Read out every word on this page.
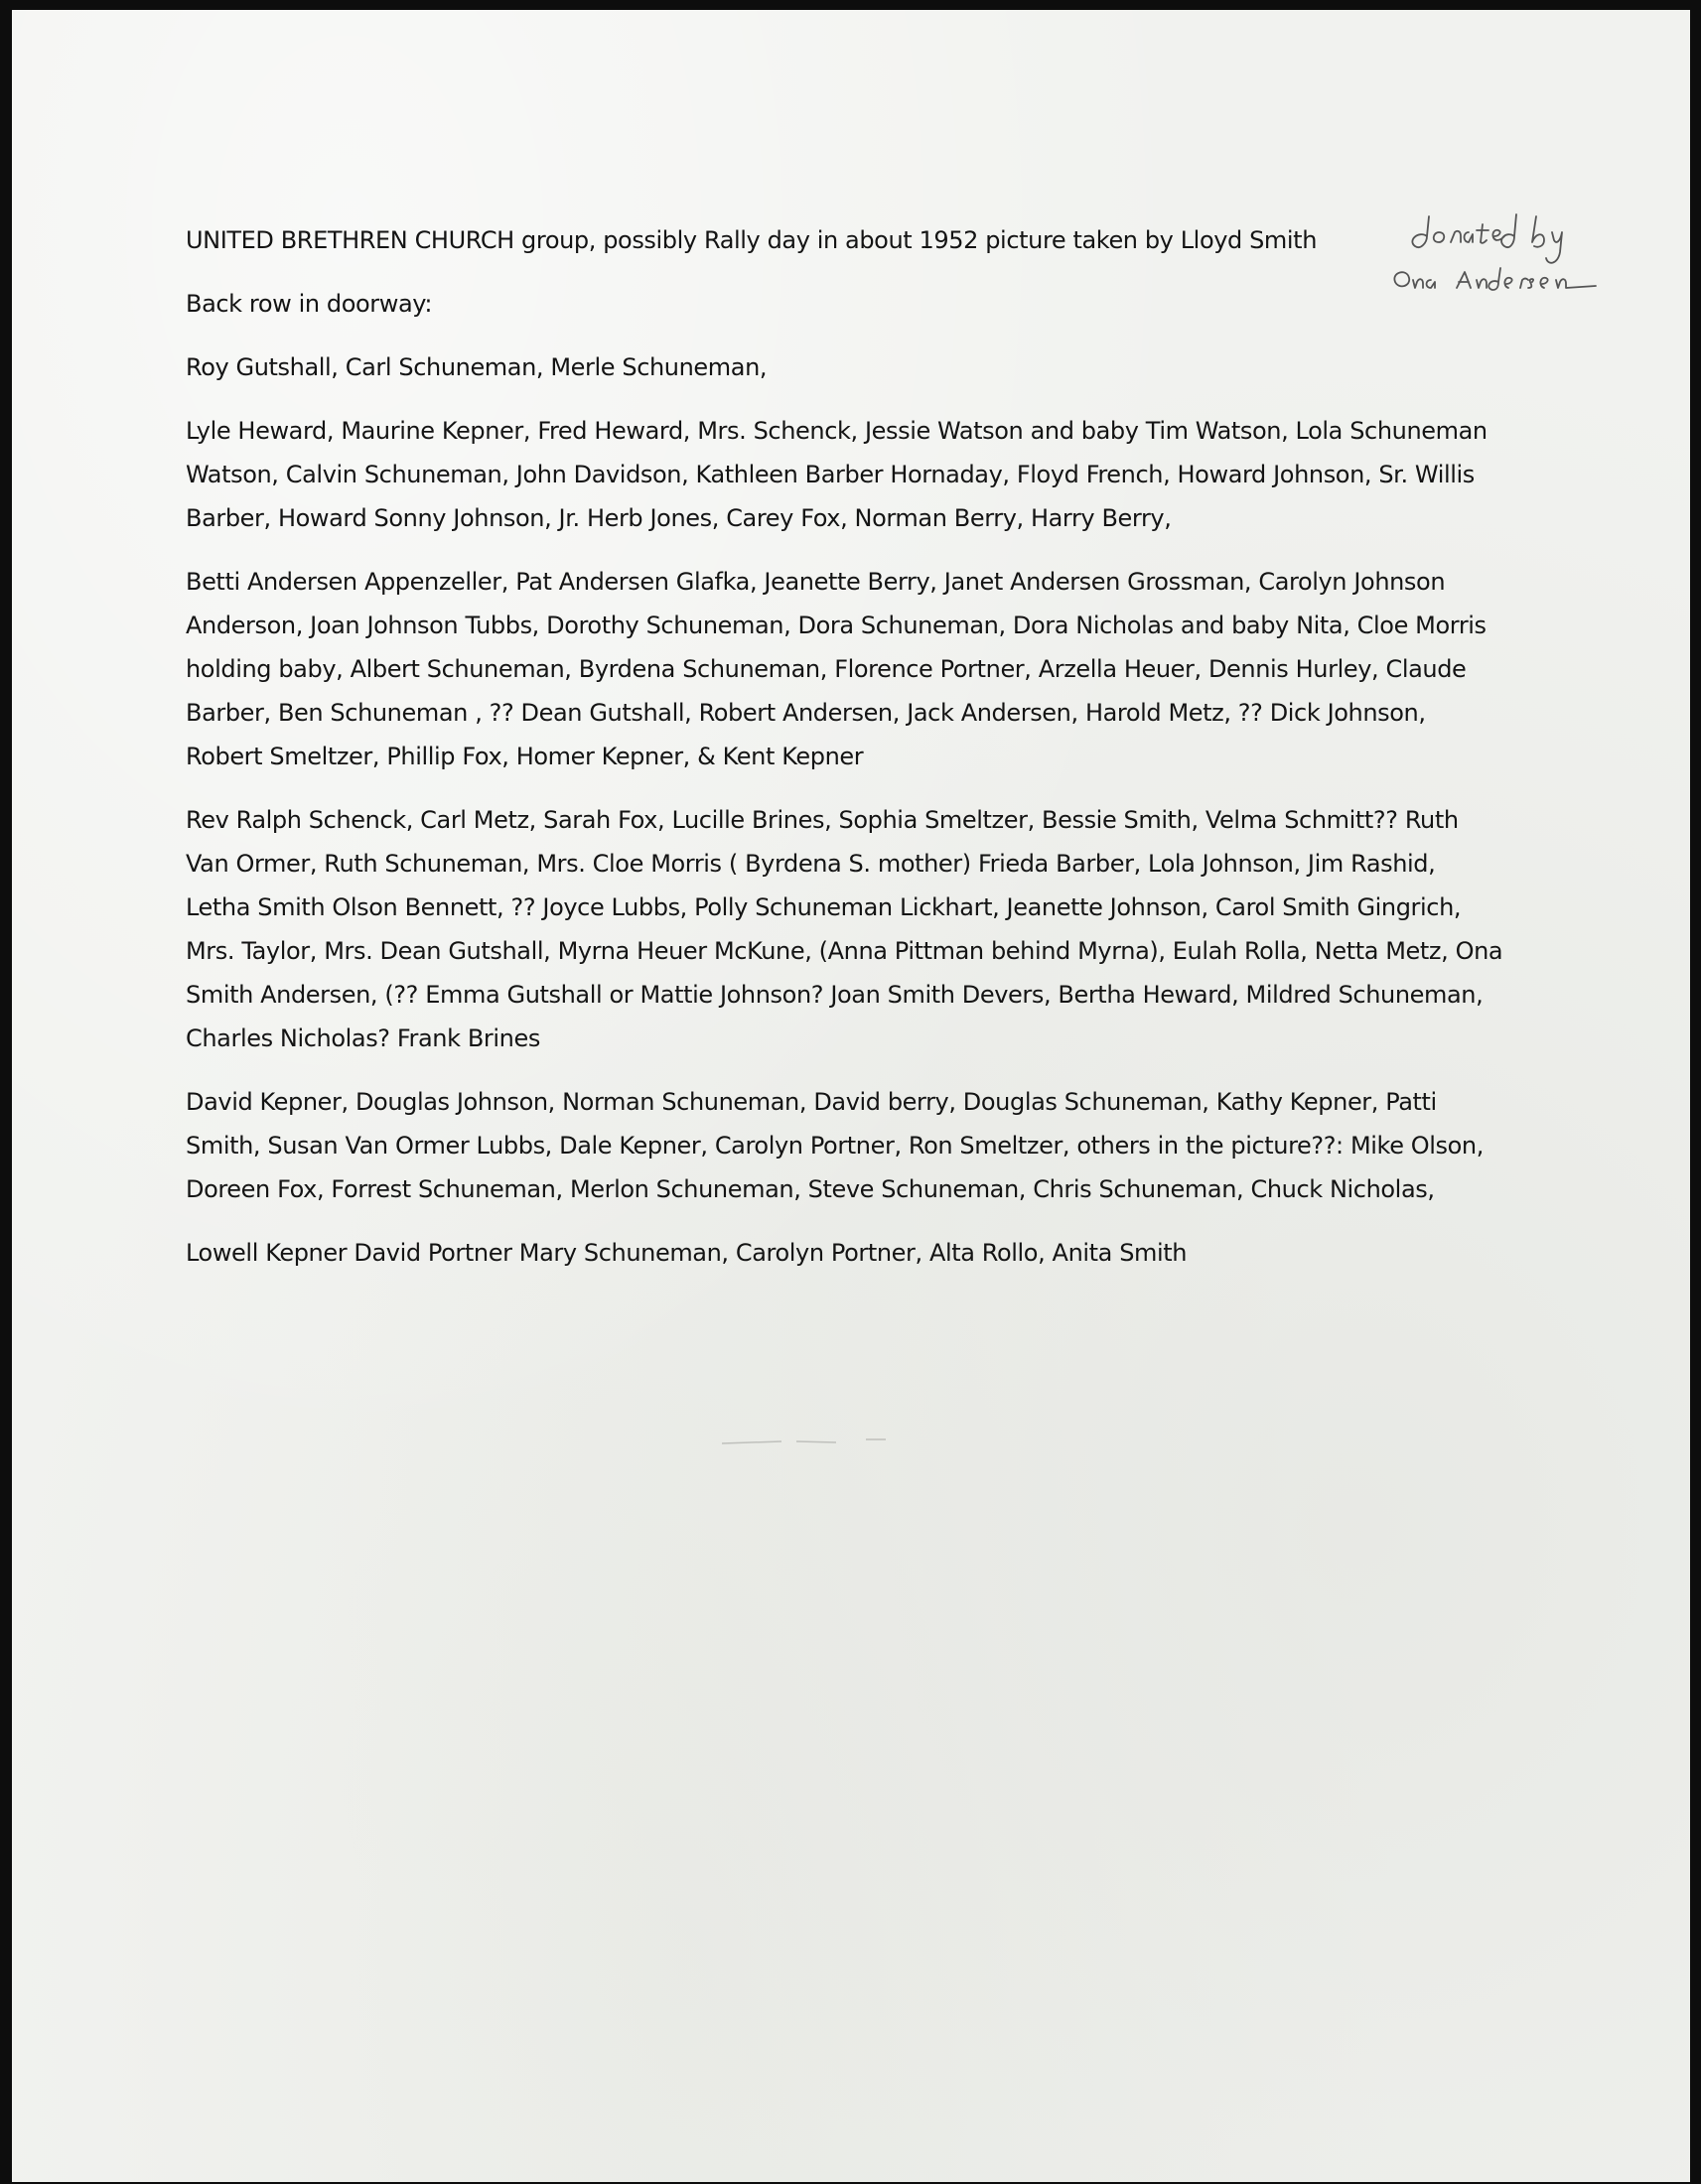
UNITED BRETHREN CHURCH group, possibly Rally day in about 1952 picture taken by Lloyd Smith

Back row in doorway:

Roy Gutshall, Carl Schuneman, Merle Schuneman,

Lyle Heward, Maurine Kepner, Fred Heward, Mrs. Schenck, Jessie Watson and baby Tim Watson, Lola Schuneman Watson, Calvin Schuneman, John Davidson, Kathleen Barber Hornaday, Floyd French, Howard Johnson, Sr. Willis Barber, Howard Sonny Johnson, Jr. Herb Jones, Carey Fox, Norman Berry, Harry Berry,

Betti Andersen Appenzeller, Pat Andersen Glafka, Jeanette Berry, Janet Andersen Grossman, Carolyn Johnson Anderson, Joan Johnson Tubbs, Dorothy Schuneman, Dora Schuneman, Dora Nicholas and baby Nita, Cloe Morris holding baby, Albert Schuneman, Byrdena Schuneman, Florence Portner, Arzella Heuer, Dennis Hurley, Claude Barber, Ben Schuneman , ?? Dean Gutshall, Robert Andersen, Jack Andersen, Harold Metz, ?? Dick Johnson, Robert Smeltzer, Phillip Fox, Homer Kepner, & Kent Kepner

Rev Ralph Schenck, Carl Metz, Sarah Fox, Lucille Brines, Sophia Smeltzer, Bessie Smith, Velma Schmitt?? Ruth Van Ormer, Ruth Schuneman, Mrs. Cloe Morris ( Byrdena S. mother) Frieda Barber, Lola Johnson, Jim Rashid, Letha Smith Olson Bennett, ?? Joyce Lubbs, Polly Schuneman Lickhart, Jeanette Johnson, Carol Smith Gingrich, Mrs. Taylor, Mrs. Dean Gutshall, Myrna Heuer McKune, (Anna Pittman behind Myrna), Eulah Rolla, Netta Metz, Ona Smith Andersen, (?? Emma Gutshall or Mattie Johnson? Joan Smith Devers, Bertha Heward, Mildred Schuneman, Charles Nicholas? Frank Brines

David Kepner, Douglas Johnson, Norman Schuneman, David berry, Douglas Schuneman, Kathy Kepner, Patti Smith, Susan Van Ormer Lubbs, Dale Kepner, Carolyn Portner, Ron Smeltzer, others in the picture??: Mike Olson, Doreen Fox, Forrest Schuneman, Merlon Schuneman, Steve Schuneman, Chris Schuneman, Chuck Nicholas,

Lowell Kepner David Portner Mary Schuneman, Carolyn Portner, Alta Rollo, Anita Smith
